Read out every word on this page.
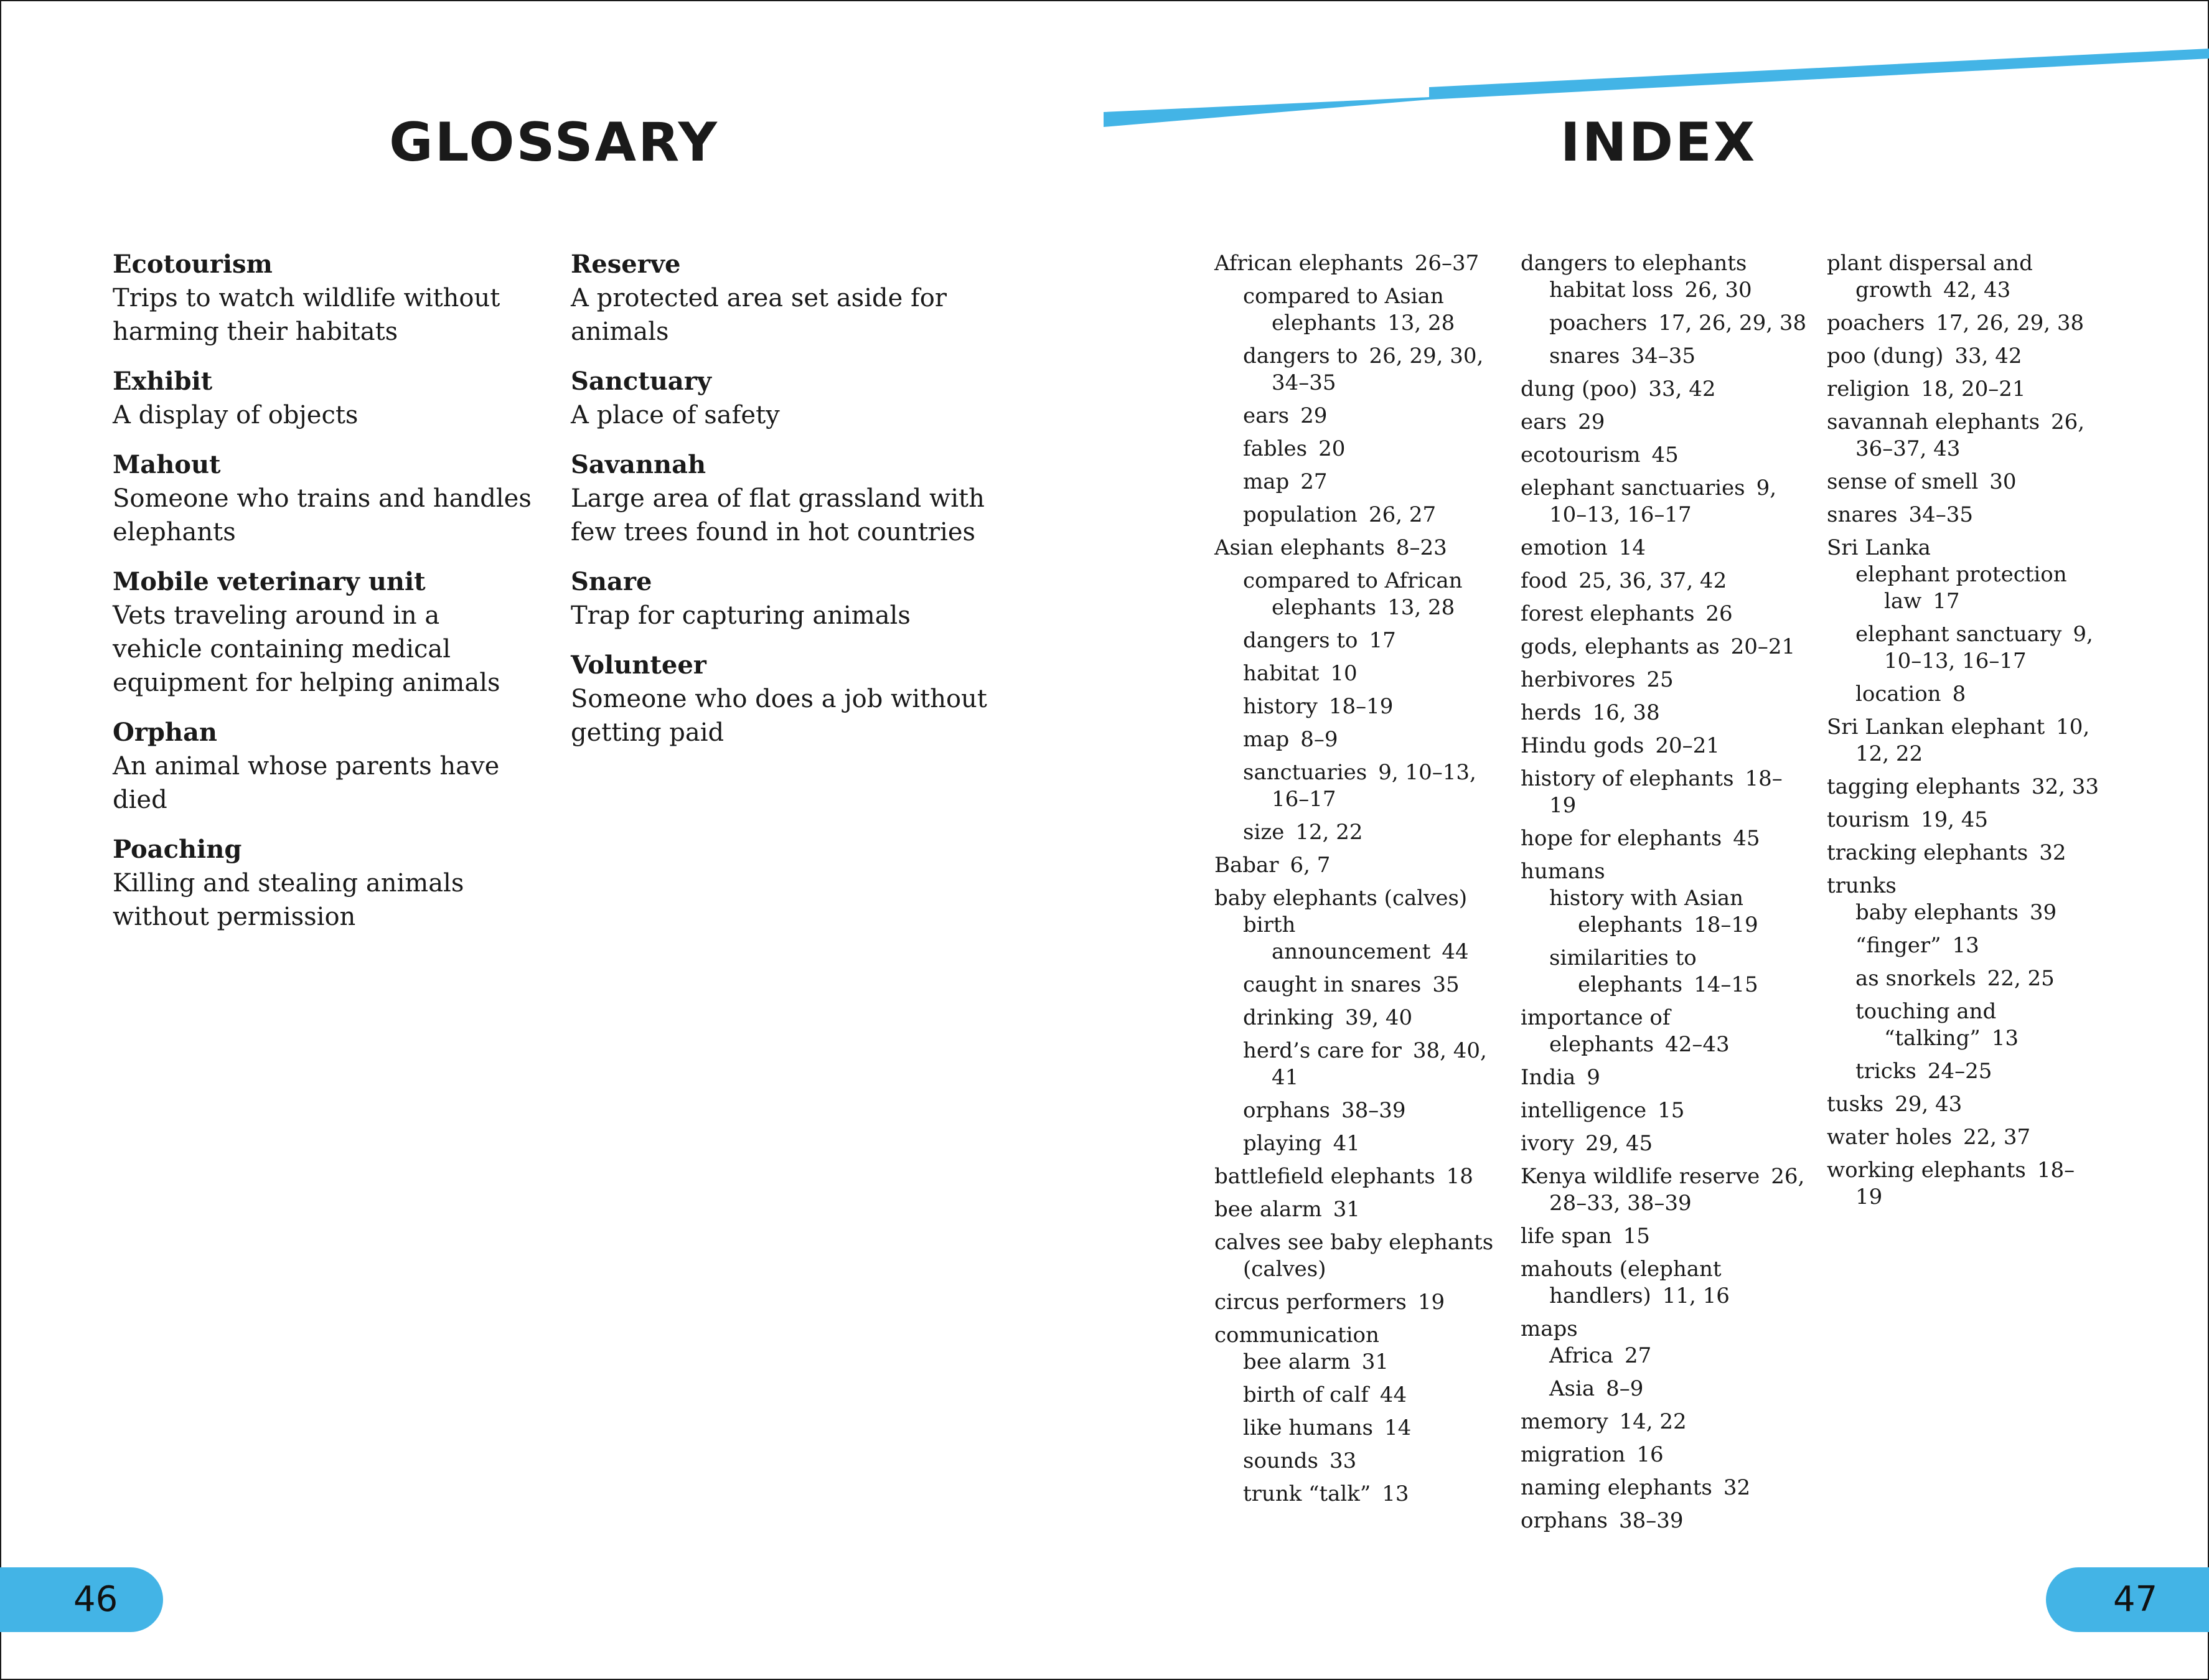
GLOSSARY	INDEX
Ecotourism
Trips to watch wildlife without harming their habitats
Exhibit
A display of objects
Mahout
Someone who trains and handles elephants
Mobile veterinary unit
Vets traveling around in a vehicle containing medical equipment for helping animals
Orphan
An animal whose parents have died
Poaching
Killing and stealing animals without permission
Reserve
A protected area set aside for animals
Sanctuary
A place of safety
Savannah
Large area of flat grassland with few trees found in hot countries
Snare
Trap for capturing animals
Volunteer
Someone who does a job without getting paid
African elephants 26–37
compared to Asian elephants 13, 28
dangers to 26, 29, 30, 34–35
ears 29
fables 20
map 27
population 26, 27
Asian elephants 8–23
compared to African elephants 13, 28
dangers to 17
habitat 10
history 18–19
map 8–9
sanctuaries 9, 10–13, 16–17
size 12, 22
Babar 6, 7
baby elephants (calves)
birth announcement 44
caught in snares 35
drinking 39, 40
herd’s care for 38, 40, 41
orphans 38–39
playing 41
battlefield elephants 18
bee alarm 31
calves see baby elephants (calves)
circus performers 19
communication
bee alarm 31
birth of calf 44
like humans 14
sounds 33
trunk “talk” 13
dangers to elephants
habitat loss 26, 30
poachers 17, 26, 29, 38
snares 34–35
dung (poo) 33, 42
ears 29
ecotourism 45
elephant sanctuaries 9, 10–13, 16–17
emotion 14
food 25, 36, 37, 42
forest elephants 26
gods, elephants as 20–21
herbivores 25
herds 16, 38
Hindu gods 20–21
history of elephants 18–19
hope for elephants 45
humans
history with Asian elephants 18–19
similarities to elephants 14–15
importance of elephants 42–43
India 9
intelligence 15
ivory 29, 45
Kenya wildlife reserve 26, 28–33, 38–39
life span 15
mahouts (elephant handlers) 11, 16
maps
Africa 27
Asia 8–9
memory 14, 22
migration 16
naming elephants 32
orphans 38–39
plant dispersal and growth 42, 43
poachers 17, 26, 29, 38
poo (dung) 33, 42
religion 18, 20–21
savannah elephants 26, 36–37, 43
sense of smell 30
snares 34–35
Sri Lanka
elephant protection law 17
elephant sanctuary 9, 10–13, 16–17
location 8
Sri Lankan elephant 10, 12, 22
tagging elephants 32, 33
tourism 19, 45
tracking elephants 32
trunks
baby elephants 39
“finger” 13
as snorkels 22, 25
touching and “talking” 13
tricks 24–25
tusks 29, 43
water holes 22, 37
working elephants 18–19
46	47
